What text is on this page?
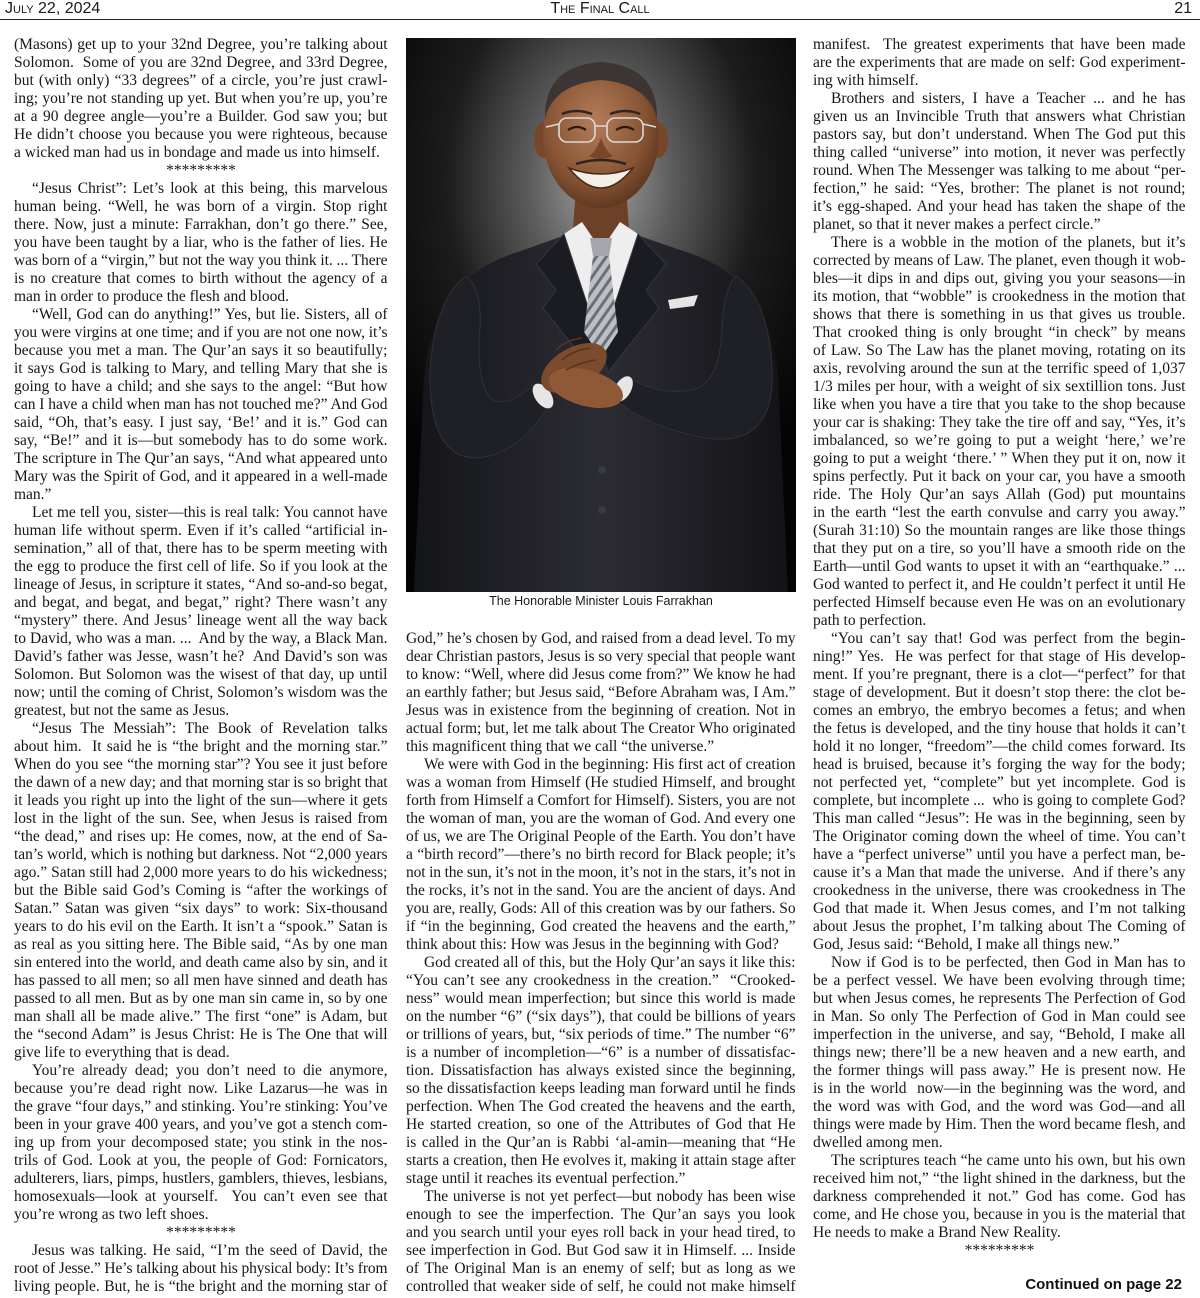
July 22, 2024	The Final Call	21
(Masons) get up to your 32nd Degree, you’re talking about
Solomon.  Some of you are 32nd Degree, and 33rd Degree,
but (with only) “33 degrees” of a circle, you’re just crawl-
ing; you’re not standing up yet. But when you’re up, you’re
at a 90 degree angle—you’re a Builder. God saw you; but
He didn’t choose you because you were righteous, because
a wicked man had us in bondage and made us into himself.
*********
“Jesus Christ”: Let’s look at this being, this marvelous
human being. “Well, he was born of a virgin. Stop right
there. Now, just a minute: Farrakhan, don’t go there.” See,
you have been taught by a liar, who is the father of lies. He
was born of a “virgin,” but not the way you think it. ... There
is no creature that comes to birth without the agency of a
man in order to produce the flesh and blood.
“Well, God can do anything!” Yes, but lie. Sisters, all of
you were virgins at one time; and if you are not one now, it’s
because you met a man. The Qur’an says it so beautifully;
it says God is talking to Mary, and telling Mary that she is
going to have a child; and she says to the angel: “But how
can I have a child when man has not touched me?” And God
said, “Oh, that’s easy. I just say, ‘Be!’ and it is.” God can
say, “Be!” and it is—but somebody has to do some work.
The scripture in The Qur’an says, “And what appeared unto
Mary was the Spirit of God, and it appeared in a well-made
man.”
Let me tell you, sister—this is real talk: You cannot have
human life without sperm. Even if it’s called “artificial in-
semination,” all of that, there has to be sperm meeting with
the egg to produce the first cell of life. So if you look at the
lineage of Jesus, in scripture it states, “And so-and-so begat,
and begat, and begat, and begat,” right? There wasn’t any
“mystery” there. And Jesus’ lineage went all the way back
to David, who was a man. ...  And by the way, a Black Man.
David’s father was Jesse, wasn’t he?  And David’s son was
Solomon. But Solomon was the wisest of that day, up until
now; until the coming of Christ, Solomon’s wisdom was the
greatest, but not the same as Jesus.
“Jesus The Messiah”: The Book of Revelation talks
about him.  It said he is “the bright and the morning star.”
When do you see “the morning star”? You see it just before
the dawn of a new day; and that morning star is so bright that
it leads you right up into the light of the sun—where it gets
lost in the light of the sun. See, when Jesus is raised from
“the dead,” and rises up: He comes, now, at the end of Sa-
tan’s world, which is nothing but darkness. Not “2,000 years
ago.” Satan still had 2,000 more years to do his wickedness;
but the Bible said God’s Coming is “after the workings of
Satan.” Satan was given “six days” to work: Six-thousand
years to do his evil on the Earth. It isn’t a “spook.” Satan is
as real as you sitting here. The Bible said, “As by one man
sin entered into the world, and death came also by sin, and it
has passed to all men; so all men have sinned and death has
passed to all men. But as by one man sin came in, so by one
man shall all be made alive.” The first “one” is Adam, but
the “second Adam” is Jesus Christ: He is The One that will
give life to everything that is dead.
You’re already dead; you don’t need to die anymore,
because you’re dead right now. Like Lazarus—he was in
the grave “four days,” and stinking. You’re stinking: You’ve
been in your grave 400 years, and you’ve got a stench com-
ing up from your decomposed state; you stink in the nos-
trils of God. Look at you, the people of God: Fornicators,
adulterers, liars, pimps, hustlers, gamblers, thieves, lesbians,
homosexuals—look at yourself.  You can’t even see that
you’re wrong as two left shoes.
*********
Jesus was talking. He said, “I’m the seed of David, the
root of Jesse.” He’s talking about his physical body: It’s from
living people. But, he is “the bright and the morning star of
God,” he’s chosen by God, and raised from a dead level. To my
dear Christian pastors, Jesus is so very special that people want
to know: “Well, where did Jesus come from?” We know he had
an earthly father; but Jesus said, “Before Abraham was, I Am.”
Jesus was in existence from the beginning of creation. Not in
actual form; but, let me talk about The Creator Who originated
this magnificent thing that we call “the universe.”
We were with God in the beginning: His first act of creation
was a woman from Himself (He studied Himself, and brought
forth from Himself a Comfort for Himself). Sisters, you are not
the woman of man, you are the woman of God. And every one
of us, we are The Original People of the Earth. You don’t have
a “birth record”—there’s no birth record for Black people; it’s
not in the sun, it’s not in the moon, it’s not in the stars, it’s not in
the rocks, it’s not in the sand. You are the ancient of days. And
you are, really, Gods: All of this creation was by our fathers. So
if “in the beginning, God created the heavens and the earth,”
think about this: How was Jesus in the beginning with God?
God created all of this, but the Holy Qur’an says it like this:
“You can’t see any crookedness in the creation.”  “Crooked-
ness” would mean imperfection; but since this world is made
on the number “6” (“six days”), that could be billions of years
or trillions of years, but, “six periods of time.” The number “6”
is a number of incompletion—“6” is a number of dissatisfac-
tion. Dissatisfaction has always existed since the beginning,
so the dissatisfaction keeps leading man forward until he finds
perfection. When The God created the heavens and the earth,
He started creation, so one of the Attributes of God that He
is called in the Qur’an is Rabbi ‘al-amin—meaning that “He
starts a creation, then He evolves it, making it attain stage after
stage until it reaches its eventual perfection.”
The universe is not yet perfect—but nobody has been wise
enough to see the imperfection. The Qur’an says you look
and you search until your eyes roll back in your head tired, to
see imperfection in God. But God saw it in Himself. ... Inside
of The Original Man is an enemy of self; but as long as we
controlled that weaker side of self, he could not make himself
manifest.  The greatest experiments that have been made
are the experiments that are made on self: God experiment-
ing with himself.
Brothers and sisters, I have a Teacher ... and he has
given us an Invincible Truth that answers what Christian
pastors say, but don’t understand. When The God put this
thing called “universe” into motion, it never was perfectly
round. When The Messenger was talking to me about “per-
fection,” he said: “Yes, brother: The planet is not round;
it’s egg-shaped. And your head has taken the shape of the
planet, so that it never makes a perfect circle.”
There is a wobble in the motion of the planets, but it’s
corrected by means of Law. The planet, even though it wob-
bles—it dips in and dips out, giving you your seasons—in
its motion, that “wobble” is crookedness in the motion that
shows that there is something in us that gives us trouble.
That crooked thing is only brought “in check” by means
of Law. So The Law has the planet moving, rotating on its
axis, revolving around the sun at the terrific speed of 1,037
1/3 miles per hour, with a weight of six sextillion tons. Just
like when you have a tire that you take to the shop because
your car is shaking: They take the tire off and say, “Yes, it’s
imbalanced, so we’re going to put a weight ‘here,’ we’re
going to put a weight ‘there.’ ” When they put it on, now it
spins perfectly. Put it back on your car, you have a smooth
ride. The Holy Qur’an says Allah (God) put mountains
in the earth “lest the earth convulse and carry you away.”
(Surah 31:10) So the mountain ranges are like those things
that they put on a tire, so you’ll have a smooth ride on the
Earth—until God wants to upset it with an “earthquake.” ...
God wanted to perfect it, and He couldn’t perfect it until He
perfected Himself because even He was on an evolutionary
path to perfection.
“You can’t say that! God was perfect from the begin-
ning!” Yes.  He was perfect for that stage of His develop-
ment. If you’re pregnant, there is a clot—“perfect” for that
stage of development. But it doesn’t stop there: the clot be-
comes an embryo, the embryo becomes a fetus; and when
the fetus is developed, and the tiny house that holds it can’t
hold it no longer, “freedom”—the child comes forward. Its
head is bruised, because it’s forging the way for the body;
not perfected yet, “complete” but yet incomplete. God is
complete, but incomplete ...  who is going to complete God?
This man called “Jesus”: He was in the beginning, seen by
The Originator coming down the wheel of time. You can’t
have a “perfect universe” until you have a perfect man, be-
cause it’s a Man that made the universe.  And if there’s any
crookedness in the universe, there was crookedness in The
God that made it. When Jesus comes, and I’m not talking
about Jesus the prophet, I’m talking about The Coming of
God, Jesus said: “Behold, I make all things new.”
Now if God is to be perfected, then God in Man has to
be a perfect vessel. We have been evolving through time;
but when Jesus comes, he represents The Perfection of God
in Man. So only The Perfection of God in Man could see
imperfection in the universe, and say, “Behold, I make all
things new; there’ll be a new heaven and a new earth, and
the former things will pass away.” He is present now. He
is in the world  now—in the beginning was the word, and
the word was with God, and the word was God—and all
things were made by Him. Then the word became flesh, and
dwelled among men.
The scriptures teach “he came unto his own, but his own
received him not,” “the light shined in the darkness, but the
darkness comprehended it not.” God has come. God has
come, and He chose you, because in you is the material that
He needs to make a Brand New Reality.
*********
The Honorable Minister Louis Farrakhan
Continued on page 22
